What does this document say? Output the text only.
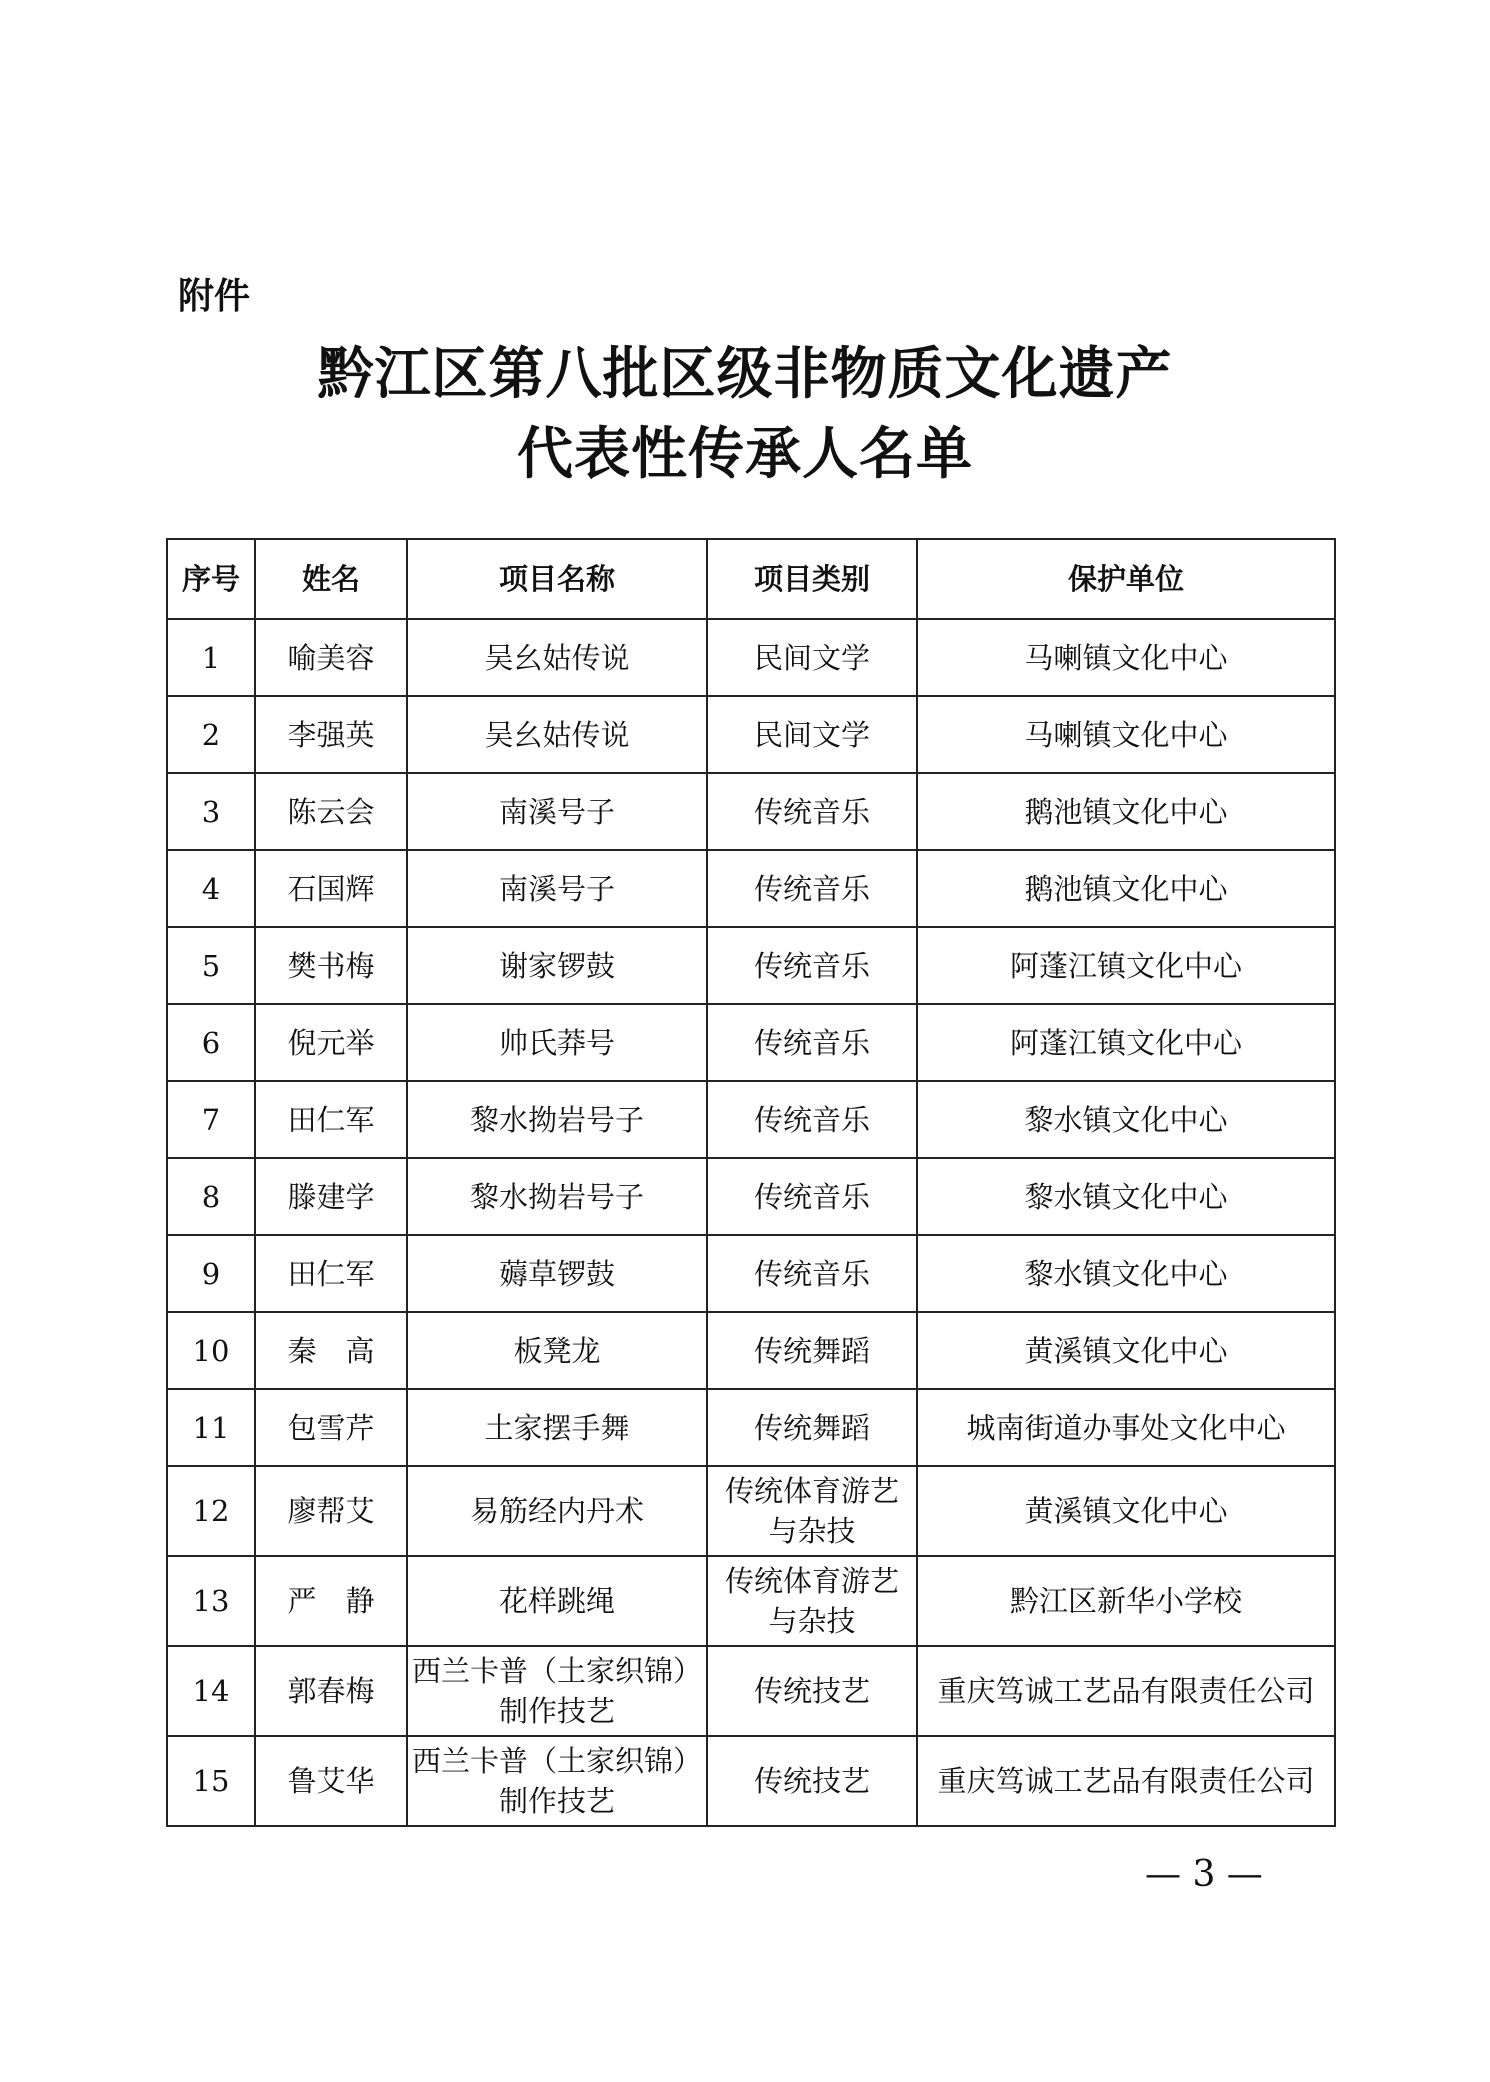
附件
黔江区第八批区级非物质文化遗产
代表性传承人名单
序号	姓名	项目名称	项目类别	保护单位
1	喻美容	吴幺姑传说	民间文学	马喇镇文化中心
2	李强英	吴幺姑传说	民间文学	马喇镇文化中心
3	陈云会	南溪号子	传统音乐	鹅池镇文化中心
4	石国辉	南溪号子	传统音乐	鹅池镇文化中心
5	樊书梅	谢家锣鼓	传统音乐	阿蓬江镇文化中心
6	倪元举	帅氏莽号	传统音乐	阿蓬江镇文化中心
7	田仁军	黎水拗岩号子	传统音乐	黎水镇文化中心
8	滕建学	黎水拗岩号子	传统音乐	黎水镇文化中心
9	田仁军	薅草锣鼓	传统音乐	黎水镇文化中心
10	秦　高	板凳龙	传统舞蹈	黄溪镇文化中心
11	包雪芹	土家摆手舞	传统舞蹈	城南街道办事处文化中心
12	廖帮艾	易筋经内丹术	传统体育游艺与杂技	黄溪镇文化中心
13	严　静	花样跳绳	传统体育游艺与杂技	黔江区新华小学校
14	郭春梅	西兰卡普（土家织锦）制作技艺	传统技艺	重庆笃诚工艺品有限责任公司
15	鲁艾华	西兰卡普（土家织锦）制作技艺	传统技艺	重庆笃诚工艺品有限责任公司
— 3 —
